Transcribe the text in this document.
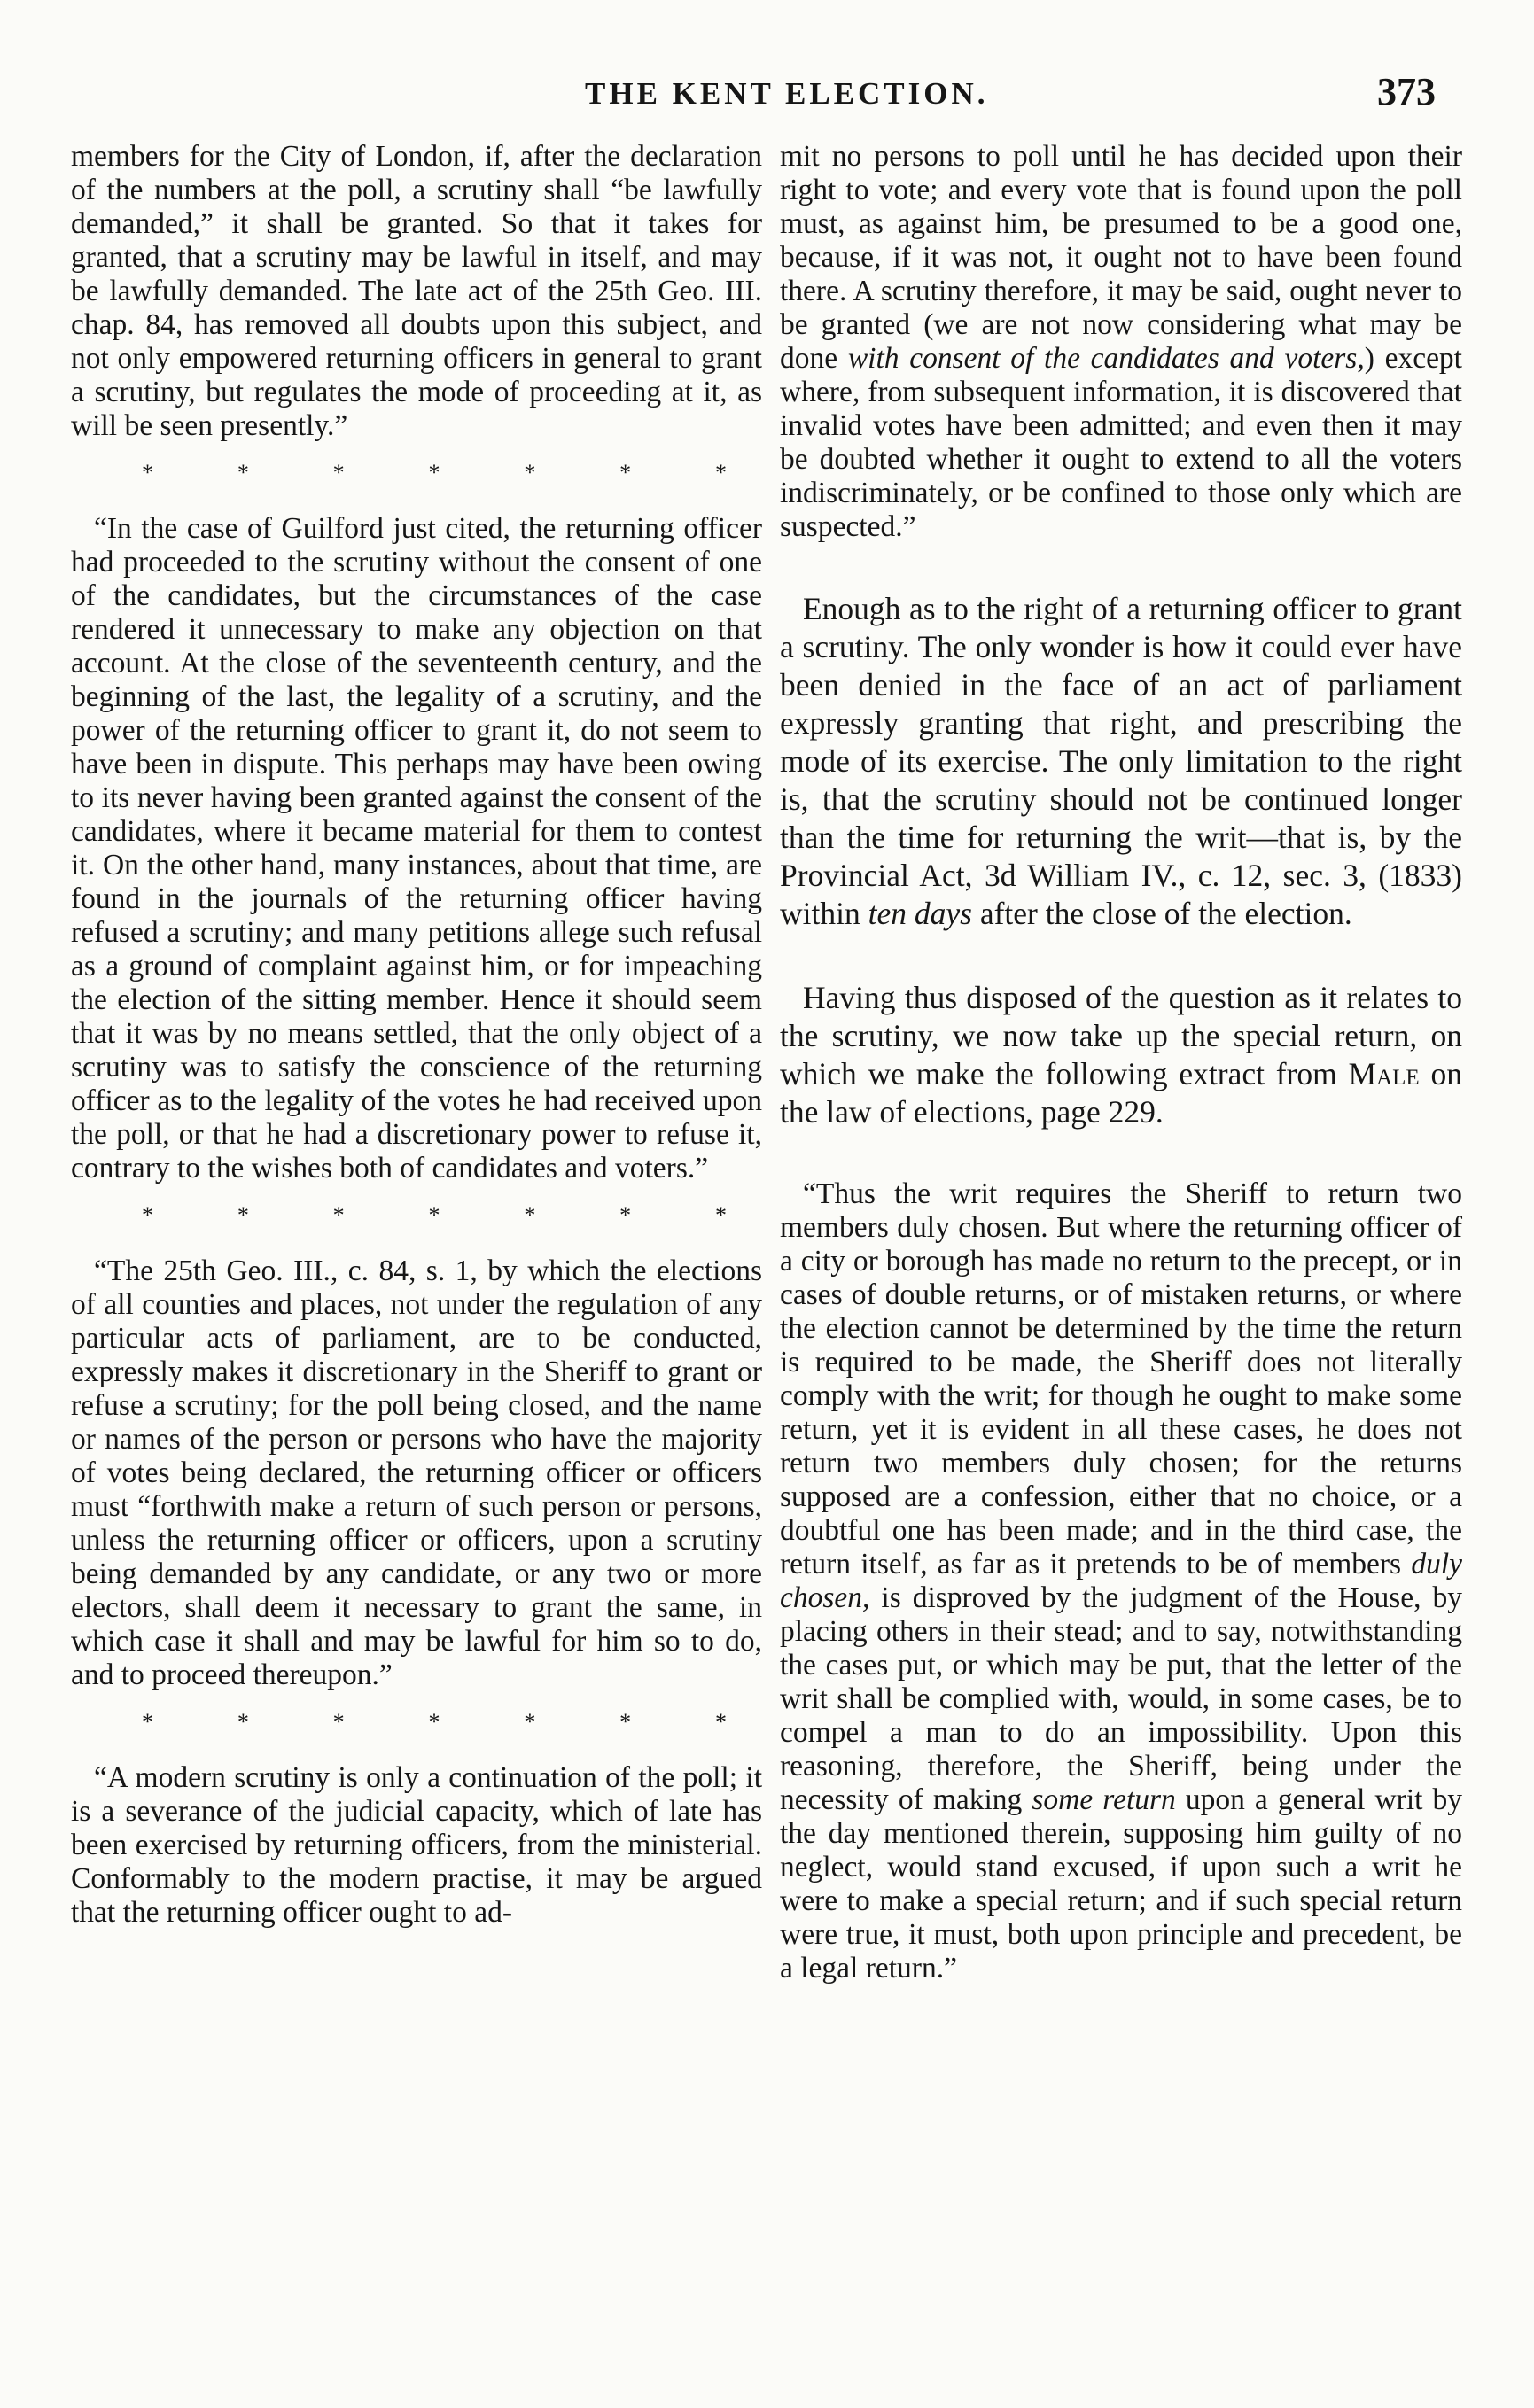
THE KENT ELECTION.	373

members for the City of London, if, after the declaration of the numbers at the poll, a scrutiny shall “be lawfully demanded,” it shall be granted. So that it takes for granted, that a scrutiny may be lawful in itself, and may be lawfully demanded. The late act of the 25th Geo. III. chap. 84, has removed all doubts upon this subject, and not only empowered returning officers in general to grant a scrutiny, but regulates the mode of proceeding at it, as will be seen presently.”

*	*	*	*	*	*	*

“In the case of Guilford just cited, the returning officer had proceeded to the scrutiny without the consent of one of the candidates, but the circumstances of the case rendered it unnecessary to make any objection on that account. At the close of the seventeenth century, and the beginning of the last, the legality of a scrutiny, and the power of the returning officer to grant it, do not seem to have been in dispute. This perhaps may have been owing to its never having been granted against the consent of the candidates, where it became material for them to contest it. On the other hand, many instances, about that time, are found in the journals of the returning officer having refused a scrutiny; and many petitions allege such refusal as a ground of complaint against him, or for impeaching the election of the sitting member. Hence it should seem that it was by no means settled, that the only object of a scrutiny was to satisfy the conscience of the returning officer as to the legality of the votes he had received upon the poll, or that he had a discretionary power to refuse it, contrary to the wishes both of candidates and voters.”

*	*	*	*	*	*	*

“The 25th Geo. III., c. 84, s. 1, by which the elections of all counties and places, not under the regulation of any particular acts of parliament, are to be conducted, expressly makes it discretionary in the Sheriff to grant or refuse a scrutiny; for the poll being closed, and the name or names of the person or persons who have the majority of votes being declared, the returning officer or officers must “forthwith make a return of such person or persons, unless the returning officer or officers, upon a scrutiny being demanded by any candidate, or any two or more electors, shall deem it necessary to grant the same, in which case it shall and may be lawful for him so to do, and to proceed thereupon.”

*	*	*	*	*	*	*

“A modern scrutiny is only a continuation of the poll; it is a severance of the judicial capacity, which of late has been exercised by returning officers, from the ministerial. Conformably to the modern practise, it may be argued that the returning officer ought to ad-

mit no persons to poll until he has decided upon their right to vote; and every vote that is found upon the poll must, as against him, be presumed to be a good one, because, if it was not, it ought not to have been found there. A scrutiny therefore, it may be said, ought never to be granted (we are not now considering what may be done with consent of the candidates and voters,) except where, from subsequent information, it is discovered that invalid votes have been admitted; and even then it may be doubted whether it ought to extend to all the voters indiscriminately, or be confined to those only which are suspected.”

Enough as to the right of a returning officer to grant a scrutiny. The only wonder is how it could ever have been denied in the face of an act of parliament expressly granting that right, and prescribing the mode of its exercise. The only limitation to the right is, that the scrutiny should not be continued longer than the time for returning the writ—that is, by the Provincial Act, 3d William IV., c. 12, sec. 3, (1833) within ten days after the close of the election.

Having thus disposed of the question as it relates to the scrutiny, we now take up the special return, on which we make the following extract from Male on the law of elections, page 229.

“Thus the writ requires the Sheriff to return two members duly chosen. But where the returning officer of a city or borough has made no return to the precept, or in cases of double returns, or of mistaken returns, or where the election cannot be determined by the time the return is required to be made, the Sheriff does not literally comply with the writ; for though he ought to make some return, yet it is evident in all these cases, he does not return two members duly chosen; for the returns supposed are a confession, either that no choice, or a doubtful one has been made; and in the third case, the return itself, as far as it pretends to be of members duly chosen, is disproved by the judgment of the House, by placing others in their stead; and to say, notwithstanding the cases put, or which may be put, that the letter of the writ shall be complied with, would, in some cases, be to compel a man to do an impossibility. Upon this reasoning, therefore, the Sheriff, being under the necessity of making some return upon a general writ by the day mentioned therein, supposing him guilty of no neglect, would stand excused, if upon such a writ he were to make a special return; and if such special return were true, it must, both upon principle and precedent, be a legal return.”
